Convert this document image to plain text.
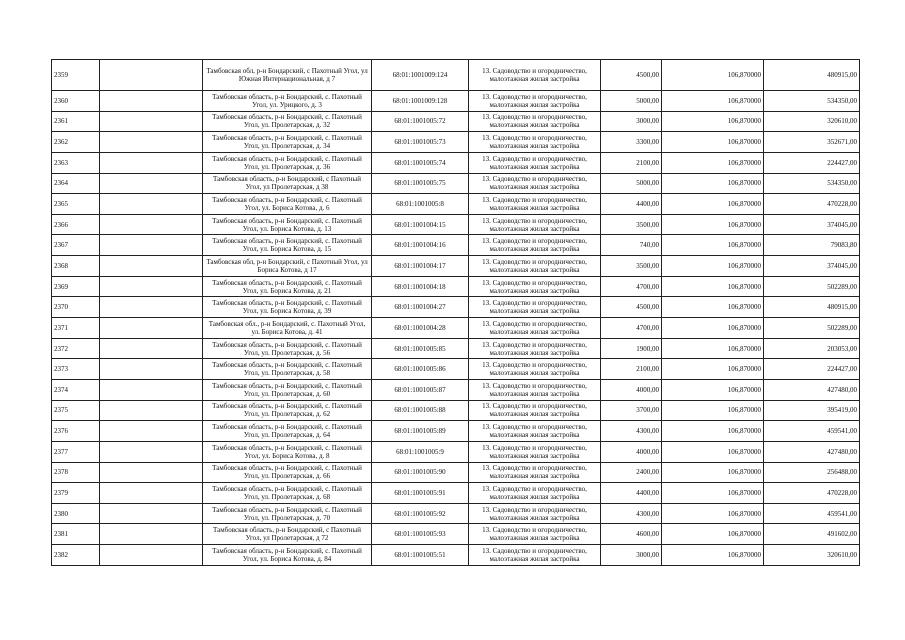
2359		Тамбовская обл, р-н Бондарский, с Пахотный Угол, ул Южная Интернациональная, д 7	68:01:1001009:124	13. Садоводство и огородничество, малоэтажная жилая застройка	4500,00	106,870000	480915,00
2360		Тамбовская область, р-н Бондарский, с. Пахотный Угол, ул. Урицкого, д. 3	68:01:1001009:128	13. Садоводство и огородничество, малоэтажная жилая застройка	5000,00	106,870000	534350,00
2361		Тамбовская область, р-н Бондарский, с. Пахотный Угол, ул. Пролетарская, д. 32	68:01:1001005:72	13. Садоводство и огородничество, малоэтажная жилая застройка	3000,00	106,870000	320610,00
2362		Тамбовская область, р-н Бондарский, с. Пахотный Угол, ул. Пролетарская, д. 34	68:01:1001005:73	13. Садоводство и огородничество, малоэтажная жилая застройка	3300,00	106,870000	352671,00
2363		Тамбовская область, р-н Бондарский, с. Пахотный Угол, ул. Пролетарская, д. 36	68:01:1001005:74	13. Садоводство и огородничество, малоэтажная жилая застройка	2100,00	106,870000	224427,00
2364		Тамбовская область, р-н Бондарский, с Пахотный Угол, ул Пролетарская, д 38	68:01:1001005:75	13. Садоводство и огородничество, малоэтажная жилая застройка	5000,00	106,870000	534350,00
2365		Тамбовская область, р-н Бондарский, с. Пахотный Угол, ул. Бориса Котова, д. 6	68:01:1001005:8	13. Садоводство и огородничество, малоэтажная жилая застройка	4400,00	106,870000	470228,00
2366		Тамбовская область, р-н Бондарский, с. Пахотный Угол, ул. Бориса Котова, д. 13	68:01:1001004:15	13. Садоводство и огородничество, малоэтажная жилая застройка	3500,00	106,870000	374045,00
2367		Тамбовская область, р-н Бондарский, с. Пахотный Угол, ул. Бориса Котова, д. 15	68:01:1001004:16	13. Садоводство и огородничество, малоэтажная жилая застройка	740,00	106,870000	79083,80
2368		Тамбовская обл, р-н Бондарский, с Пахотный Угол, ул Бориса Котова, д 17	68:01:1001004:17	13. Садоводство и огородничество, малоэтажная жилая застройка	3500,00	106,870000	374045,00
2369		Тамбовская область, р-н Бондарский, с. Пахотный Угол, ул. Бориса Котова, д. 21	68:01:1001004:18	13. Садоводство и огородничество, малоэтажная жилая застройка	4700,00	106,870000	502289,00
2370		Тамбовская область, р-н Бондарский, с. Пахотный Угол, ул. Бориса Котова, д. 39	68:01:1001004:27	13. Садоводство и огородничество, малоэтажная жилая застройка	4500,00	106,870000	480915,00
2371		Тамбовская обл., р-н Бондарский, с. Пахотный Угол, ул. Бориса Котова, д. 41	68:01:1001004:28	13. Садоводство и огородничество, малоэтажная жилая застройка	4700,00	106,870000	502289,00
2372		Тамбовская область, р-н Бондарский, с. Пахотный Угол, ул. Пролетарская, д. 56	68:01:1001005:85	13. Садоводство и огородничество, малоэтажная жилая застройка	1900,00	106,870000	203053,00
2373		Тамбовская область, р-н Бондарский, с. Пахотный Угол, ул. Пролетарская, д. 58	68:01:1001005:86	13. Садоводство и огородничество, малоэтажная жилая застройка	2100,00	106,870000	224427,00
2374		Тамбовская область, р-н Бондарский, с. Пахотный Угол, ул. Пролетарская, д. 60	68:01:1001005:87	13. Садоводство и огородничество, малоэтажная жилая застройка	4000,00	106,870000	427480,00
2375		Тамбовская область, р-н Бондарский, с. Пахотный Угол, ул. Пролетарская, д. 62	68:01:1001005:88	13. Садоводство и огородничество, малоэтажная жилая застройка	3700,00	106,870000	395419,00
2376		Тамбовская область, р-н Бондарский, с. Пахотный Угол, ул. Пролетарская, д. 64	68:01:1001005:89	13. Садоводство и огородничество, малоэтажная жилая застройка	4300,00	106,870000	459541,00
2377		Тамбовская область, р-н Бондарский, с. Пахотный Угол, ул. Бориса Котова, д. 8	68:01:1001005:9	13. Садоводство и огородничество, малоэтажная жилая застройка	4000,00	106,870000	427480,00
2378		Тамбовская область, р-н Бондарский, с. Пахотный Угол, ул. Пролетарская, д. 66	68:01:1001005:90	13. Садоводство и огородничество, малоэтажная жилая застройка	2400,00	106,870000	256488,00
2379		Тамбовская область, р-н Бондарский, с. Пахотный Угол, ул. Пролетарская, д. 68	68:01:1001005:91	13. Садоводство и огородничество, малоэтажная жилая застройка	4400,00	106,870000	470228,00
2380		Тамбовская область, р-н Бондарский, с. Пахотный Угол, ул. Пролетарская, д. 70	68:01:1001005:92	13. Садоводство и огородничество, малоэтажная жилая застройка	4300,00	106,870000	459541,00
2381		Тамбовская область, р-н Бондарский, с Пахотный Угол, ул Пролетарская, д 72	68:01:1001005:93	13. Садоводство и огородничество, малоэтажная жилая застройка	4600,00	106,870000	491602,00
2382		Тамбовская область, р-н Бондарский, с. Пахотный Угол, ул. Бориса Котова, д. 84	68:01:1001005:51	13. Садоводство и огородничество, малоэтажная жилая застройка	3000,00	106,870000	320610,00
